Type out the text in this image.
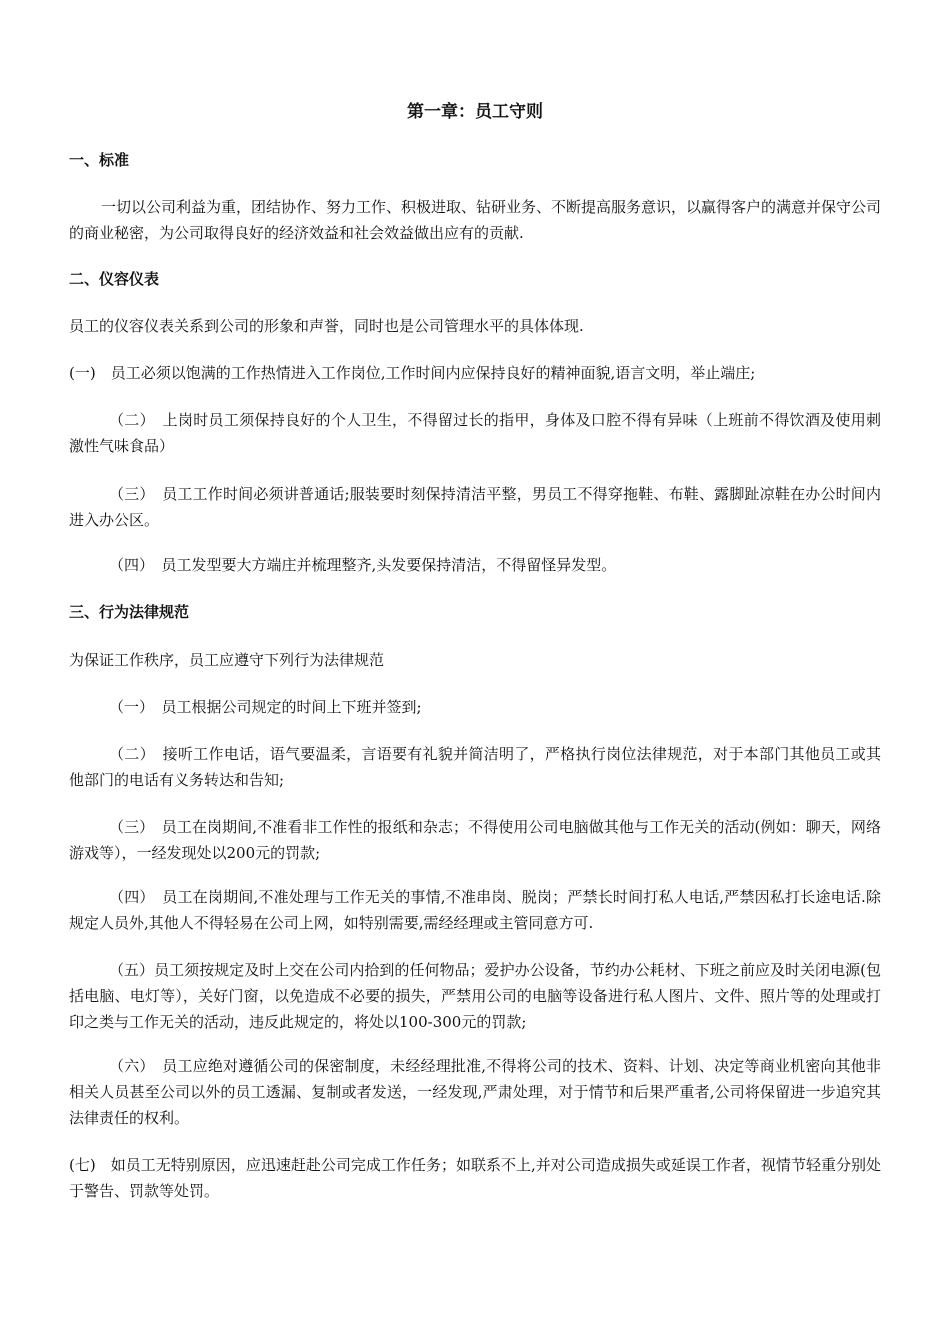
第一章：员工守则
一、标准
一切以公司利益为重，团结协作、努力工作、积极进取、钻研业务、不断提高服务意识，以赢得客户的满意并保守公司的商业秘密，为公司取得良好的经济效益和社会效益做出应有的贡献.
二、仪容仪表
员工的仪容仪表关系到公司的形象和声誉，同时也是公司管理水平的具体体现.
(一)　员工必须以饱满的工作热情进入工作岗位,工作时间内应保持良好的精神面貌,语言文明，举止端庄;
（二）　上岗时员工须保持良好的个人卫生，不得留过长的指甲，身体及口腔不得有异味（上班前不得饮酒及使用刺激性气味食品）
（三）　员工工作时间必须讲普通话;服装要时刻保持清洁平整，男员工不得穿拖鞋、布鞋、露脚趾凉鞋在办公时间内进入办公区。
（四）　员工发型要大方端庄并梳理整齐,头发要保持清洁，不得留怪异发型。
三、行为法律规范
为保证工作秩序，员工应遵守下列行为法律规范
（一）　员工根据公司规定的时间上下班并签到;
（二）　接听工作电话，语气要温柔，言语要有礼貌并简洁明了，严格执行岗位法律规范，对于本部门其他员工或其他部门的电话有义务转达和告知;
（三）　员工在岗期间,不准看非工作性的报纸和杂志；不得使用公司电脑做其他与工作无关的活动(例如：聊天，网络游戏等），一经发现处以200元的罚款;
（四）　员工在岗期间,不准处理与工作无关的事情,不准串岗、脱岗；严禁长时间打私人电话,严禁因私打长途电话.除规定人员外,其他人不得轻易在公司上网，如特别需要,需经经理或主管同意方可.
（五）员工须按规定及时上交在公司内拾到的任何物品；爱护办公设备，节约办公耗材、下班之前应及时关闭电源(包括电脑、电灯等），关好门窗，以免造成不必要的损失，严禁用公司的电脑等设备进行私人图片、文件、照片等的处理或打印之类与工作无关的活动，违反此规定的，将处以100-300元的罚款;
（六）　员工应绝对遵循公司的保密制度，未经经理批准,不得将公司的技术、资料、计划、决定等商业机密向其他非相关人员甚至公司以外的员工透漏、复制或者发送，一经发现,严肃处理，对于情节和后果严重者,公司将保留进一步追究其法律责任的权利。
(七)　如员工无特别原因，应迅速赶赴公司完成工作任务；如联系不上,并对公司造成损失或延误工作者，视情节轻重分别处于警告、罚款等处罚。
